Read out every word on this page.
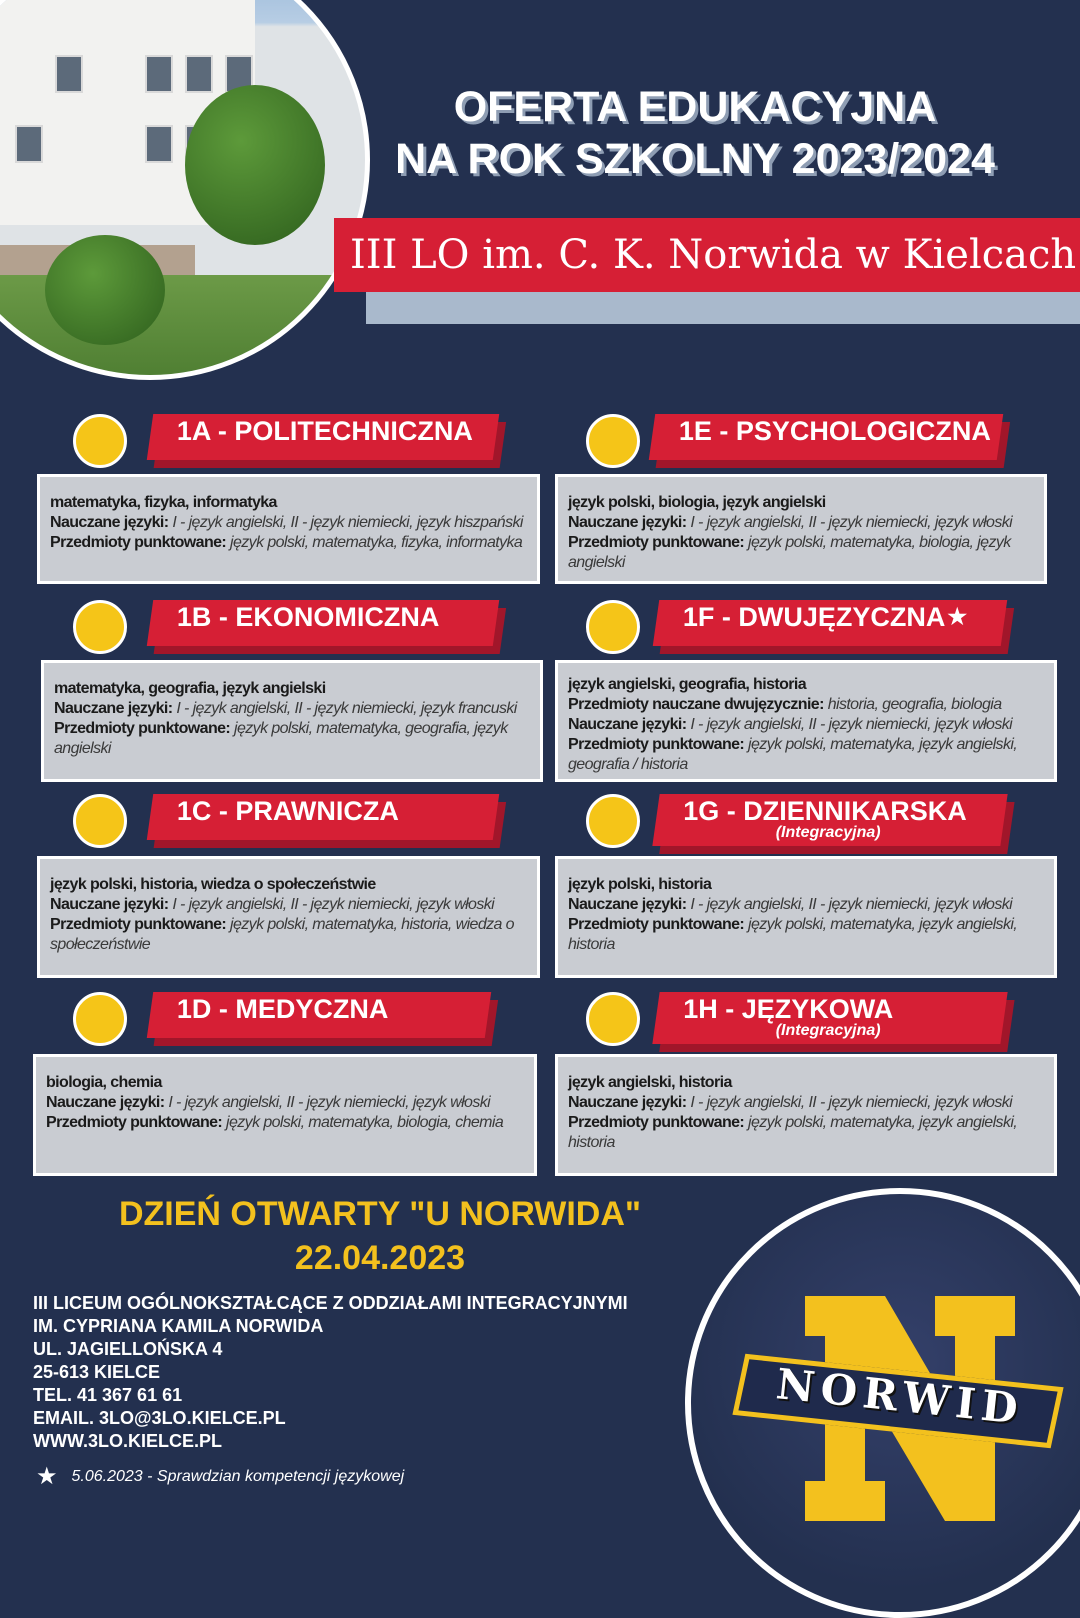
OFERTA EDUKACYJNA
NA ROK SZKOLNY 2023/2024
III LO im. C. K. Norwida w Kielcach
1A - POLITECHNICZNA
matematyka, fizyka, informatyka
Nauczane języki: I - język angielski, II - język niemiecki, język hiszpański
Przedmioty punktowane: język polski, matematyka, fizyka, informatyka
1E - PSYCHOLOGICZNA
język polski, biologia, język angielski
Nauczane języki: I - język angielski, II - język niemiecki, język włoski
Przedmioty punktowane: język polski, matematyka, biologia, język angielski
1B - EKONOMICZNA
matematyka, geografia, język angielski
Nauczane języki: I - język angielski, II - język niemiecki, język francuski
Przedmioty punktowane: język polski, matematyka, geografia, język angielski
1F - DWUJĘZYCZNA★
język angielski, geografia, historia
Przedmioty nauczane dwujęzycznie: historia, geografia, biologia
Nauczane języki: I - język angielski, II - język niemiecki, język włoski
Przedmioty punktowane: język polski, matematyka, język angielski, geografia / historia
1C - PRAWNICZA
język polski, historia, wiedza o społeczeństwie
Nauczane języki: I - język angielski, II - język niemiecki, język włoski
Przedmioty punktowane: język polski, matematyka, historia, wiedza o społeczeństwie
1G - DZIENNIKARSKA
(Integracyjna)
język polski, historia
Nauczane języki: I - język angielski, II - język niemiecki, język włoski
Przedmioty punktowane: język polski, matematyka, język angielski, historia
1D - MEDYCZNA
biologia, chemia
Nauczane języki: I - język angielski, II - język niemiecki, język włoski
Przedmioty punktowane: język polski, matematyka, biologia, chemia
1H - JĘZYKOWA
(Integracyjna)
język angielski, historia
Nauczane języki: I - język angielski, II - język niemiecki, język włoski
Przedmioty punktowane: język polski, matematyka, język angielski, historia
DZIEŃ OTWARTY "U NORWIDA"
22.04.2023
III LICEUM OGÓLNOKSZTAŁCĄCE Z ODDZIAŁAMI INTEGRACYJNYMI
IM. CYPRIANA KAMILA NORWIDA
UL. JAGIELLOŃSKA 4
25-613 KIELCE
TEL. 41 367 61 61
EMAIL. 3LO@3LO.KIELCE.PL
WWW.3LO.KIELCE.PL
★ 5.06.2023 - Sprawdzian kompetencji językowej
NORWID
